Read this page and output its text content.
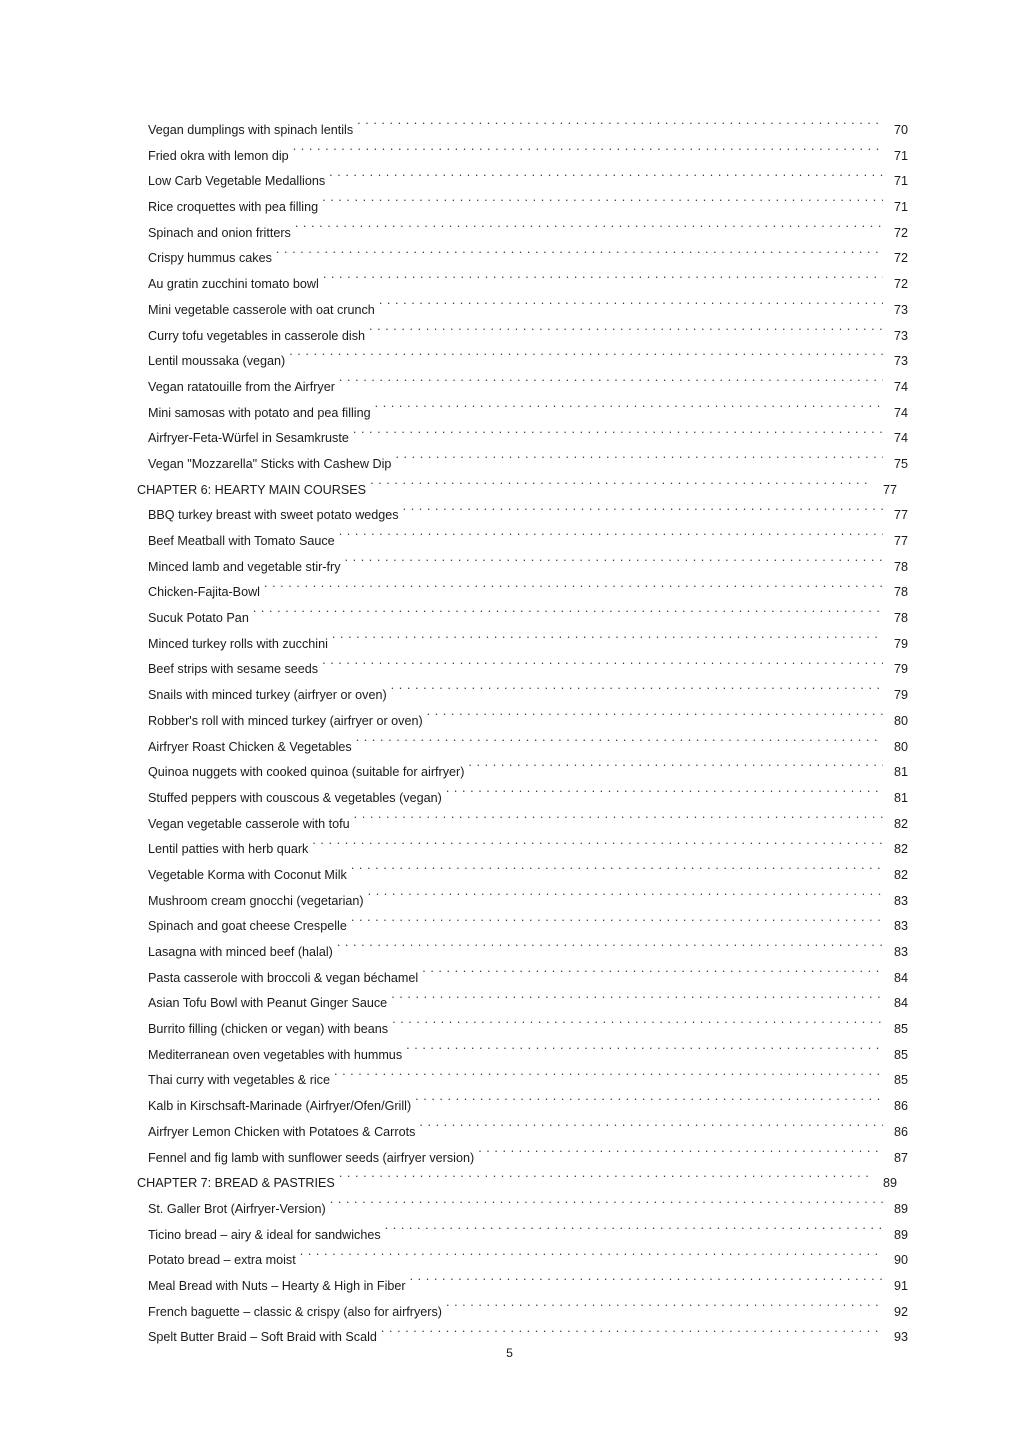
Vegan dumplings with spinach lentils . . .	70
Fried okra with lemon dip . . .	71
Low Carb Vegetable Medallions . . .	71
Rice croquettes with pea filling . . .	71
Spinach and onion fritters . . .	72
Crispy hummus cakes . . .	72
Au gratin zucchini tomato bowl . . .	72
Mini vegetable casserole with oat crunch . . .	73
Curry tofu vegetables in casserole dish . . .	73
Lentil moussaka (vegan) . . .	73
Vegan ratatouille from the Airfryer . . .	74
Mini samosas with potato and pea filling . . .	74
Airfryer-Feta-Würfel in Sesamkruste . . .	74
Vegan "Mozzarella" Sticks with Cashew Dip . . .	75
CHAPTER 6: HEARTY MAIN COURSES . . .	77
BBQ turkey breast with sweet potato wedges . . .	77
Beef Meatball with Tomato Sauce . . .	77
Minced lamb and vegetable stir-fry . . .	78
Chicken-Fajita-Bowl . . .	78
Sucuk Potato Pan . . .	78
Minced turkey rolls with zucchini . . .	79
Beef strips with sesame seeds . . .	79
Snails with minced turkey (airfryer or oven) . . .	79
Robber's roll with minced turkey (airfryer or oven) . . .	80
Airfryer Roast Chicken & Vegetables . . .	80
Quinoa nuggets with cooked quinoa (suitable for airfryer) . . .	81
Stuffed peppers with couscous & vegetables (vegan) . . .	81
Vegan vegetable casserole with tofu . . .	82
Lentil patties with herb quark . . .	82
Vegetable Korma with Coconut Milk . . .	82
Mushroom cream gnocchi (vegetarian) . . .	83
Spinach and goat cheese Crespelle . . .	83
Lasagna with minced beef (halal) . . .	83
Pasta casserole with broccoli & vegan béchamel . . .	84
Asian Tofu Bowl with Peanut Ginger Sauce . . .	84
Burrito filling (chicken or vegan) with beans . . .	85
Mediterranean oven vegetables with hummus . . .	85
Thai curry with vegetables & rice . . .	85
Kalb in Kirschsaft-Marinade (Airfryer/Ofen/Grill) . . .	86
Airfryer Lemon Chicken with Potatoes & Carrots . . .	86
Fennel and fig lamb with sunflower seeds (airfryer version) . . .	87
CHAPTER 7: BREAD & PASTRIES . . .	89
St. Galler Brot (Airfryer-Version) . . .	89
Ticino bread – airy & ideal for sandwiches . . .	89
Potato bread – extra moist . . .	90
Meal Bread with Nuts – Hearty & High in Fiber . . .	91
French baguette – classic & crispy (also for airfryers) . . .	92
Spelt Butter Braid – Soft Braid with Scald . . .	93
5
